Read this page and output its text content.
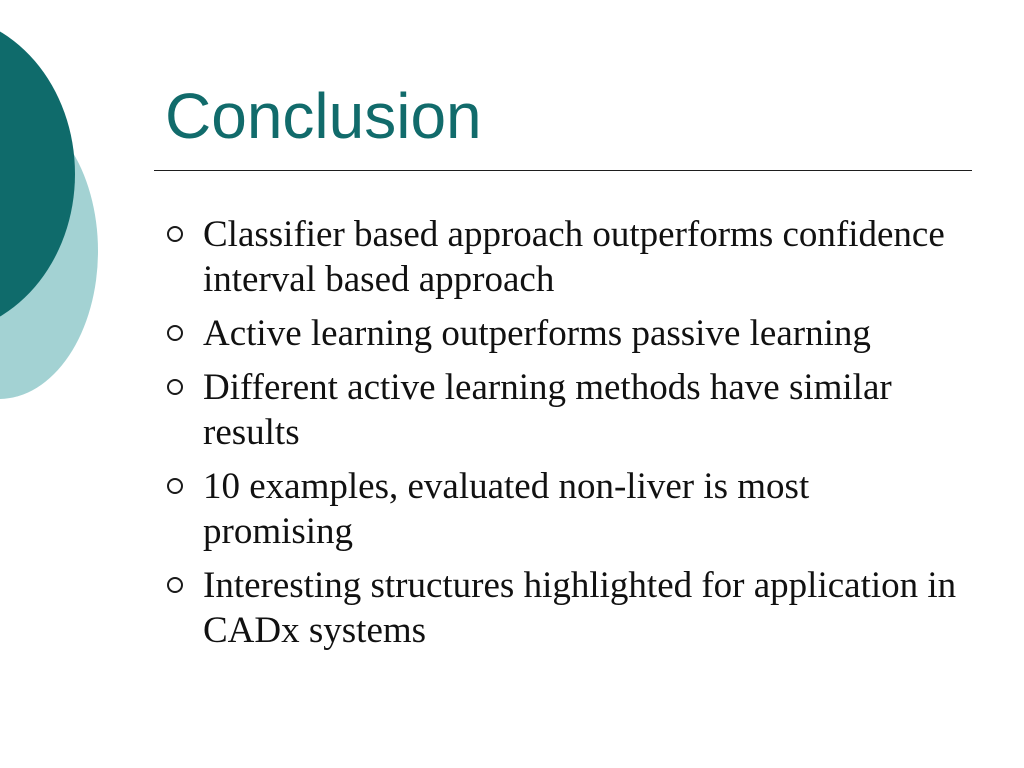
Conclusion
Classifier based approach outperforms confidence interval based approach
Active learning outperforms passive learning
Different active learning methods have similar results
10 examples, evaluated non-liver is most promising
Interesting structures highlighted for application in CADx systems
